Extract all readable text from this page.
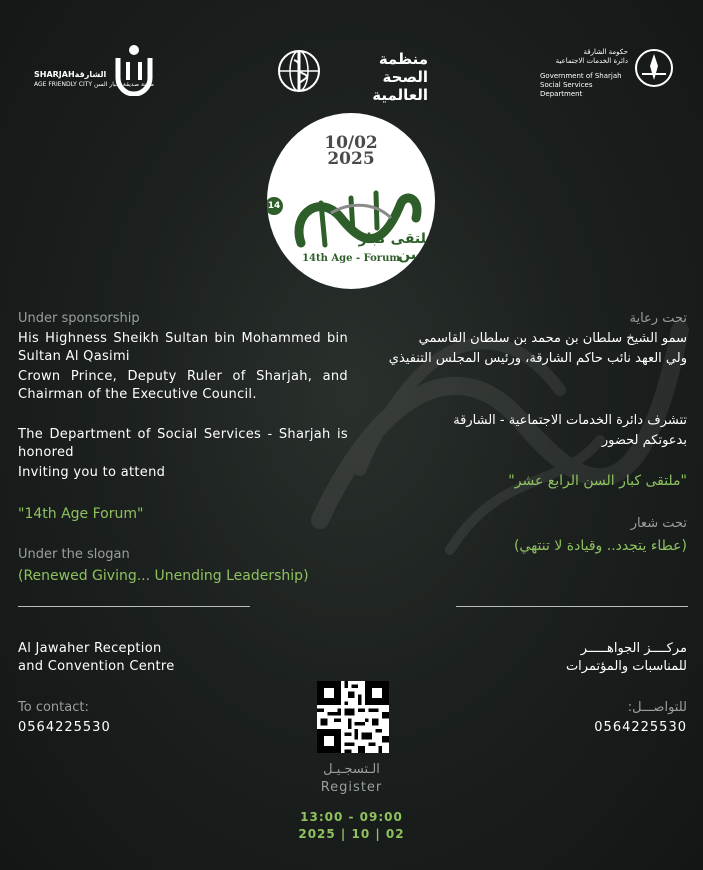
SHARJAHالشارقة
AGE FRIENDLY CITY مدينة صديقة لكبار السن
منظمة
الصحة العالمية
حكومة الشارقة
دائرة الخدمات الاجتماعية
Government of Sharjah
Social Services Department
10/02
2025
14
ملتقى كبار السن
14th Age - Forum
Under sponsorship
His Highness Sheikh Sultan bin Mohammed bin Sultan Al Qasimi
Crown Prince, Deputy Ruler of Sharjah, and Chairman of the Executive Council.
The Department of Social Services - Sharjah is honored
Inviting you to attend
"14th Age Forum"
Under the slogan
(Renewed Giving... Unending Leadership)
تحت رعاية
سمو الشيخ سلطان بن محمد بن سلطان القاسمي
ولي العهد نائب حاكم الشارقة، ورئيس المجلس التنفيذي
تتشرف دائرة الخدمات الاجتماعية - الشارقة
بدعوتكم لحضور
"ملتقى كبار السن الرابع عشر"
تحت شعار
(عطاء يتجدد.. وقيادة لا تنتهي)
Al Jawaher Reception
and Convention Centre
To contact:
0564225530
مركــــز الجواهـــــر
للمناسبات والمؤتمرات
للتواصـــل:
0564225530
الـتسجـيـل
Register
13:00 - 09:00
2025 | 10 | 02
